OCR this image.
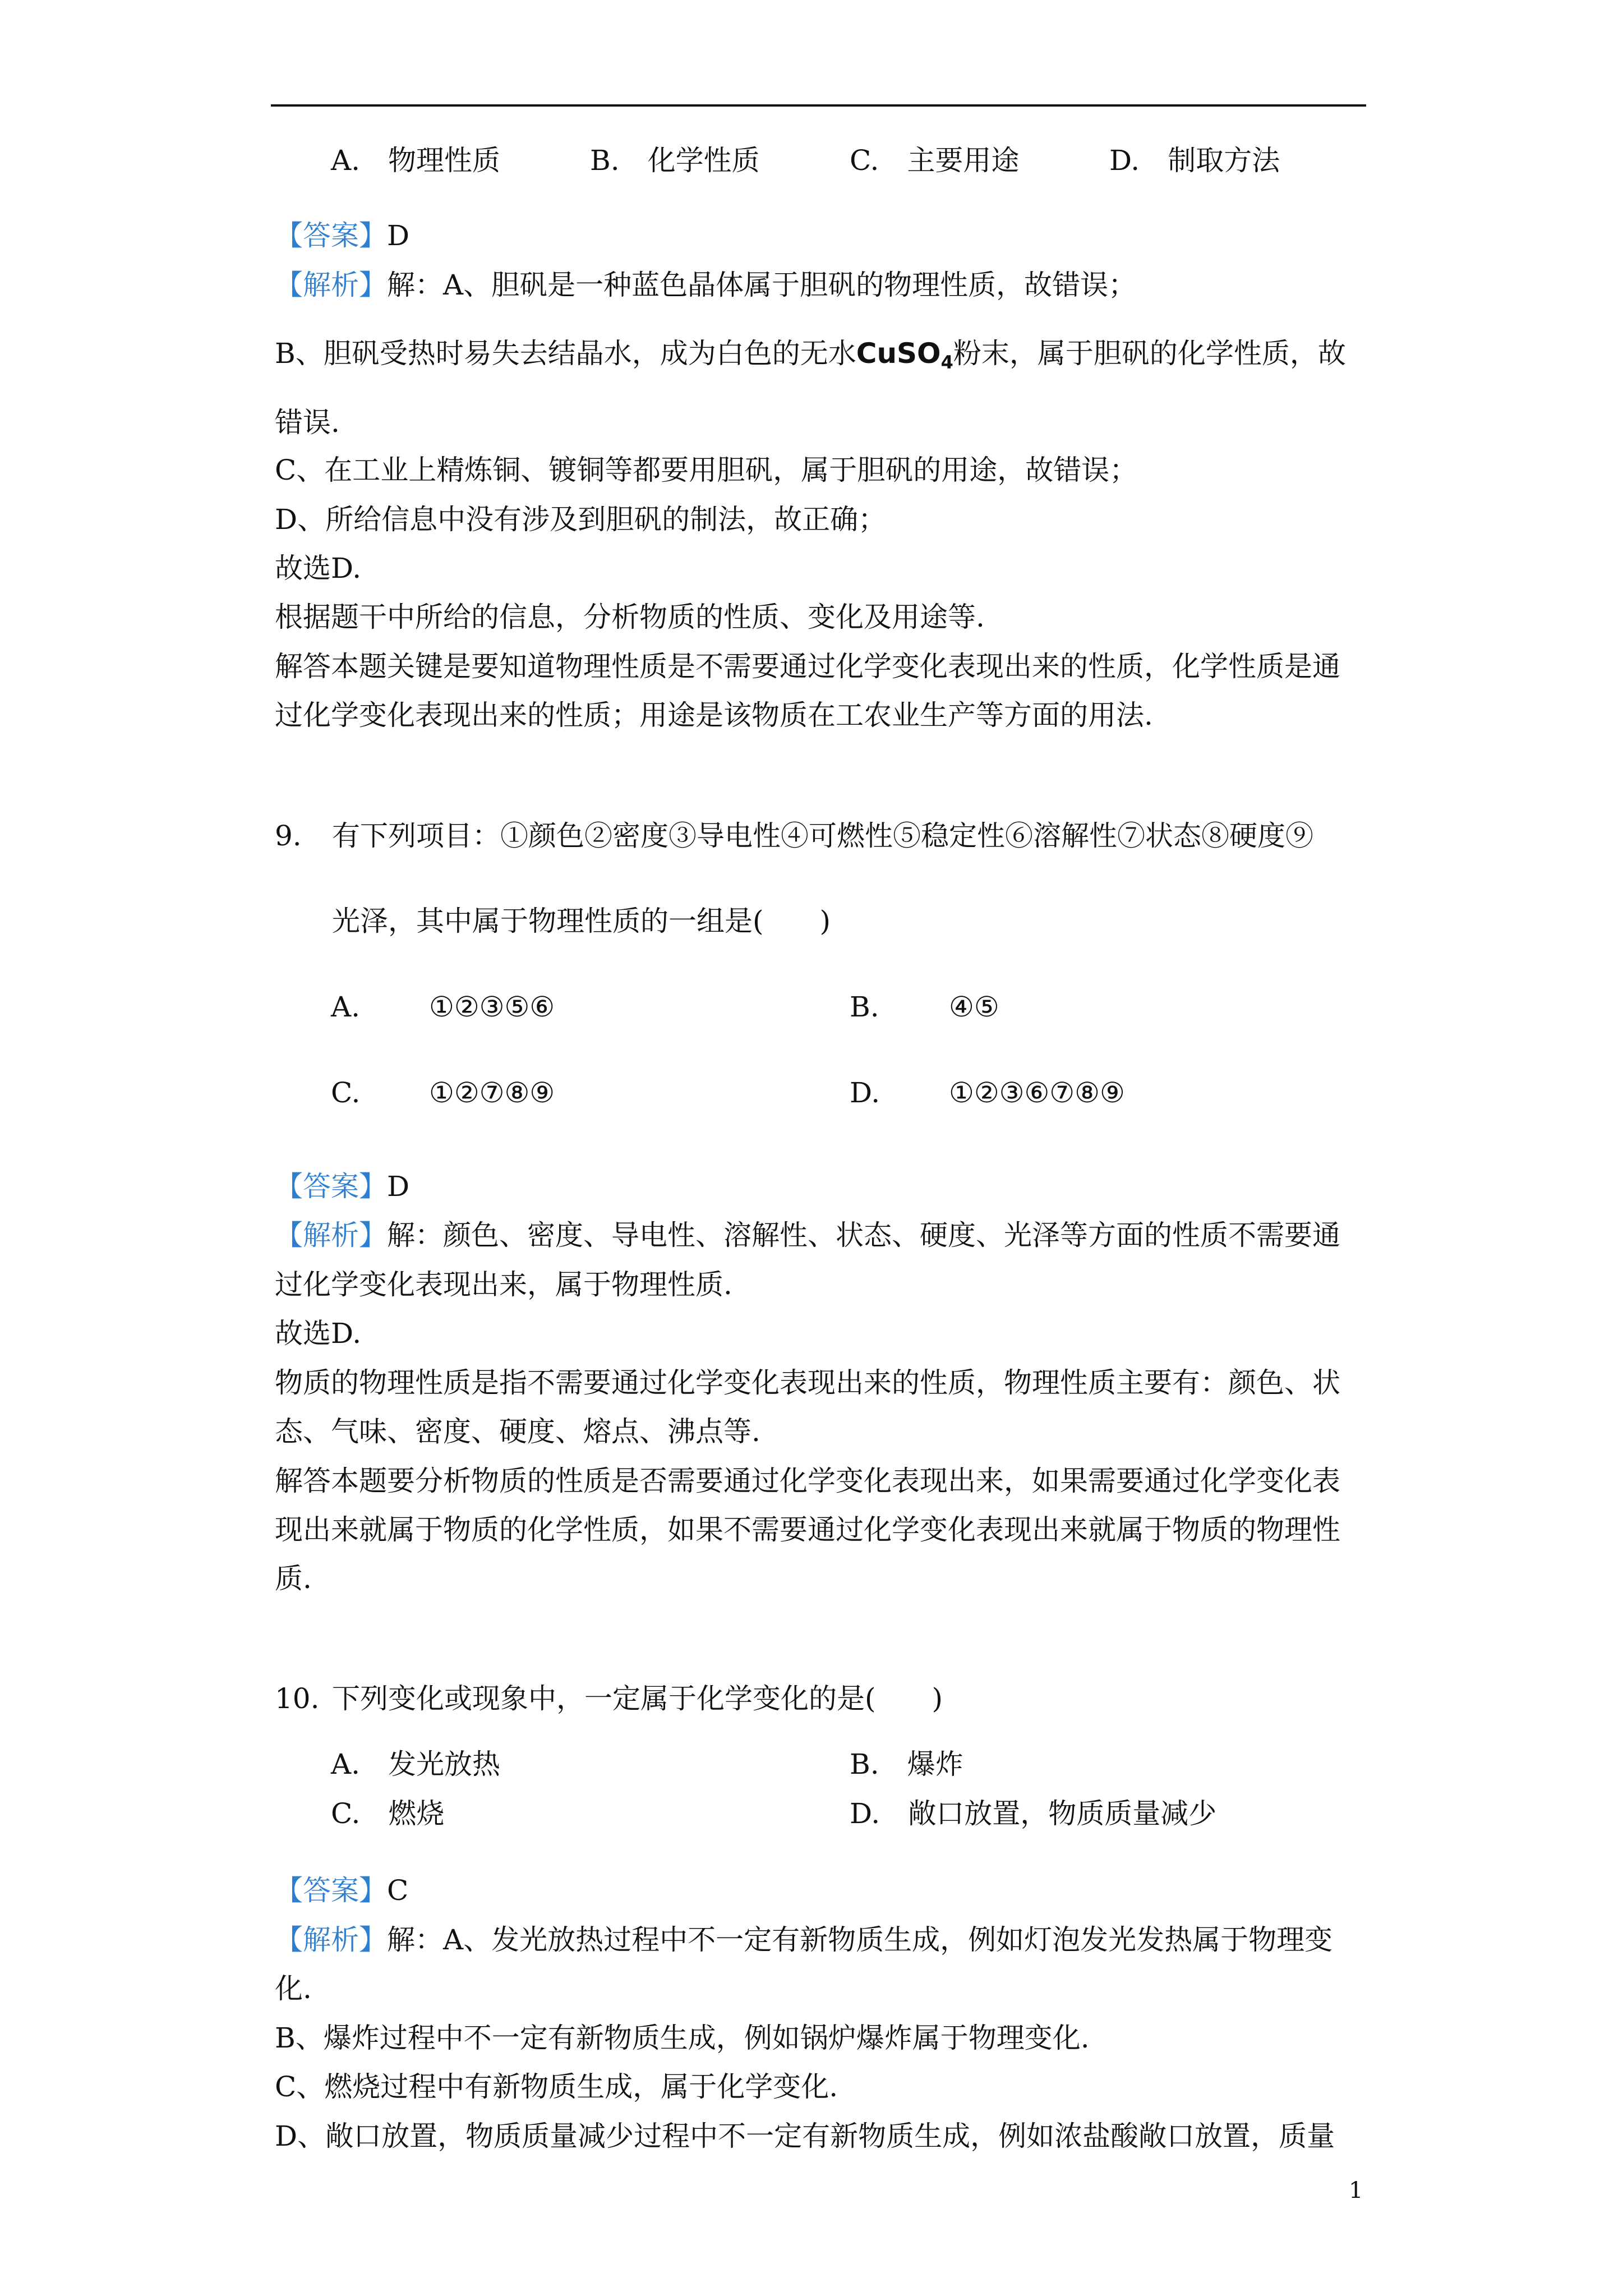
A.　 物理性质	B.　 化学性质	C.　 主要用途	D.　 制取方法
【答案】D
【解析】解：A、胆矾是一种蓝色晶体属于胆矾的物理性质，故错误；
B、胆矾受热时易失去结晶水，成为白色的无水CuSO$_4$粉末，属于胆矾的化学性质，故
错误.
C、在工业上精炼铜、镀铜等都要用胆矾，属于胆矾的用途，故错误；
D、所给信息中没有涉及到胆矾的制法，故正确；
故选D.
根据题干中所给的信息，分析物质的性质、变化及用途等.
解答本题关键是要知道物理性质是不需要通过化学变化表现出来的性质，化学性质是通
过化学变化表现出来的性质；用途是该物质在工农业生产等方面的用法.
9. 有下列项目：①颜色②密度③导电性④可燃性⑤稳定性⑥溶解性⑦状态⑧硬度⑨
光泽，其中属于物理性质的一组是(　　)
A. ①②③⑤⑥	B. ④⑤
C. ①②⑦⑧⑨	D. ①②③⑥⑦⑧⑨
【答案】D
【解析】解：颜色、密度、导电性、溶解性、状态、硬度、光泽等方面的性质不需要通
过化学变化表现出来，属于物理性质.
故选D.
物质的物理性质是指不需要通过化学变化表现出来的性质，物理性质主要有：颜色、状
态、气味、密度、硬度、熔点、沸点等.
解答本题要分析物质的性质是否需要通过化学变化表现出来，如果需要通过化学变化表
现出来就属于物质的化学性质，如果不需要通过化学变化表现出来就属于物质的物理性
质.
10. 下列变化或现象中，一定属于化学变化的是(　　)
A.　 发光放热	B.　 爆炸
C.　 燃烧	D.　 敞口放置，物质质量减少
【答案】C
【解析】解：A、发光放热过程中不一定有新物质生成，例如灯泡发光发热属于物理变
化.
B、爆炸过程中不一定有新物质生成，例如锅炉爆炸属于物理变化.
C、燃烧过程中有新物质生成，属于化学变化.
D、敞口放置，物质质量减少过程中不一定有新物质生成，例如浓盐酸敞口放置，质量
1
